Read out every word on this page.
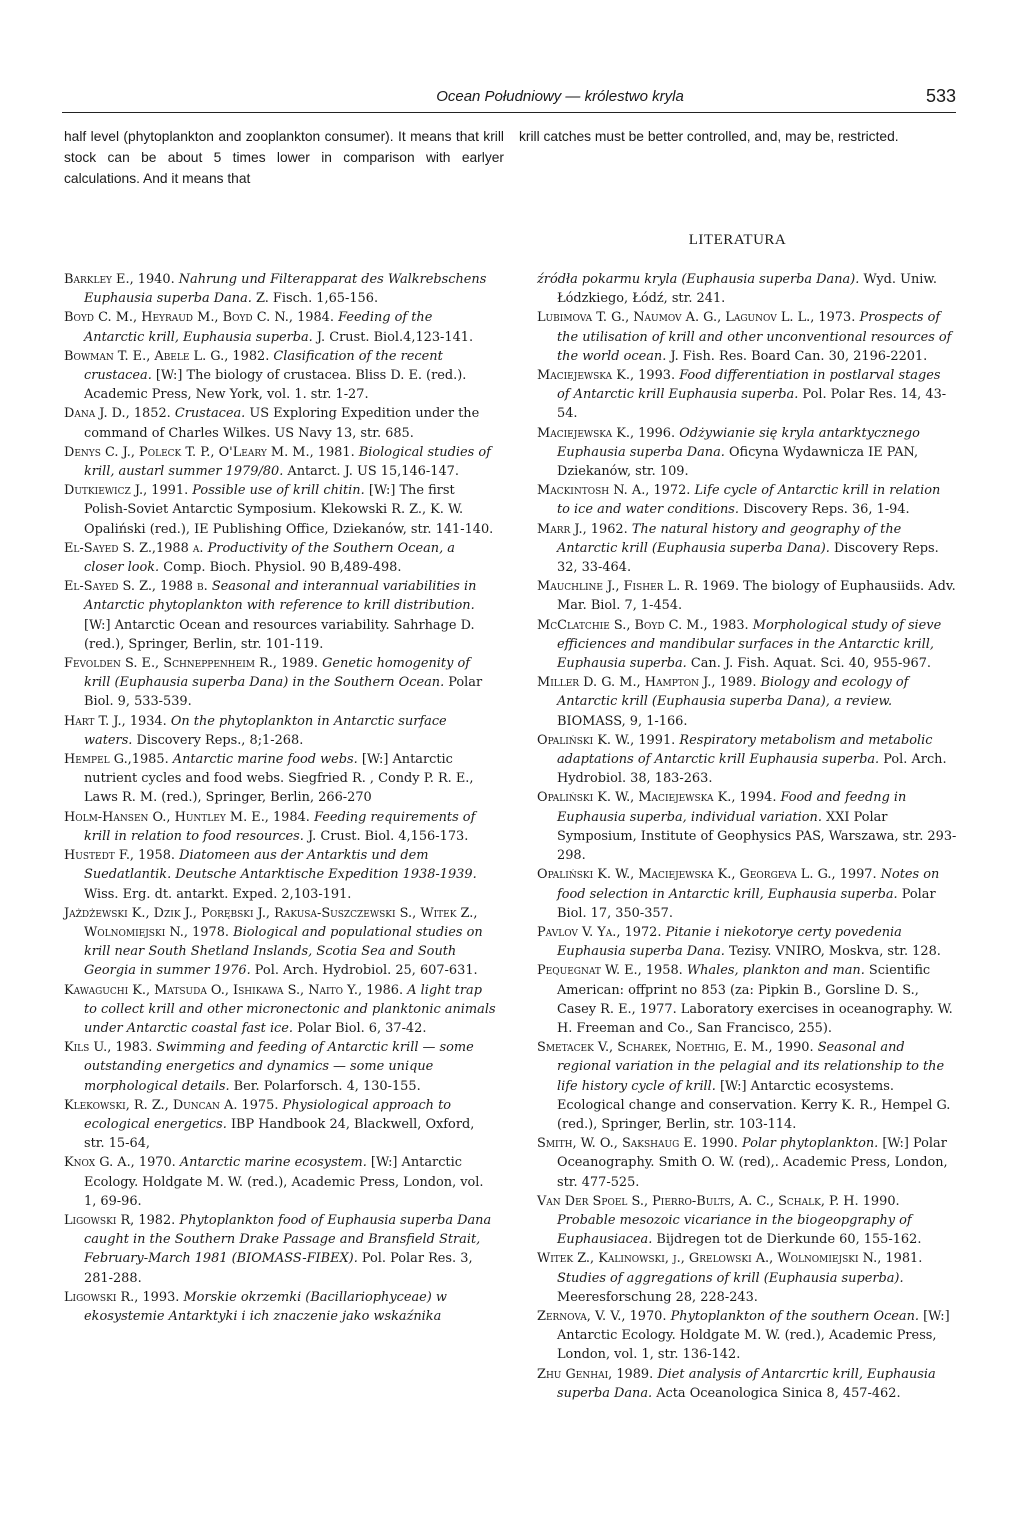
Ocean Południowy — królestwo kryla	533

half level (phytoplankton and zooplankton consumer). It means that krill stock can be about 5 times lower in comparison with earlyer calculations. And it means that

krill catches must be better controlled, and, may be, restricted.

LITERATURA
Barkley E., 1940. Nahrung und Filterapparat des Walkrebschens Euphausia superba Dana. Z. Fisch. 1,65-156.
Boyd C. M., Heyraud M., Boyd C. N., 1984. Feeding of the Antarctic krill, Euphausia superba. J. Crust. Biol.4,123-141.
Bowman T. E., Abele L. G., 1982. Clasification of the recent crustacea. [W:] The biology of crustacea. Bliss D. E. (red.). Academic Press, New York, vol. 1. str. 1-27.
Dana J. D., 1852. Crustacea. US Exploring Expedition under the command of Charles Wilkes. US Navy 13, str. 685.
Denys C. J., Poleck T. P., O'Leary M. M., 1981. Biological studies of krill, austarl summer 1979/80. Antarct. J. US 15,146-147.
Dutkiewicz J., 1991. Possible use of krill chitin. [W:] The first Polish-Soviet Antarctic Symposium. Klekowski R. Z., K. W. Opaliński (red.), IE Publishing Office, Dziekanów, str. 141-140.
El-Sayed S. Z.,1988 a. Productivity of the Southern Ocean, a closer look. Comp. Bioch. Physiol. 90 B,489-498.
El-Sayed S. Z., 1988 b. Seasonal and interannual variabilities in Antarctic phytoplankton with reference to krill distribution. [W:] Antarctic Ocean and resources variability. Sahrhage D. (red.), Springer, Berlin, str. 101-119.
Fevolden S. E., Schneppenheim R., 1989. Genetic homogenity of krill (Euphausia superba Dana) in the Southern Ocean. Polar Biol. 9, 533-539.
Hart T. J., 1934. On the phytoplankton in Antarctic surface waters. Discovery Reps., 8;1-268.
Hempel G.,1985. Antarctic marine food webs. [W:] Antarctic nutrient cycles and food webs. Siegfried R. , Condy P. R. E., Laws R. M. (red.), Springer, Berlin, 266-270
Holm-Hansen O., Huntley M. E., 1984. Feeding requirements of krill in relation to food resources. J. Crust. Biol. 4,156-173.
Hustedt F., 1958. Diatomeen aus der Antarktis und dem Suedatlantik. Deutsche Antarktische Expedition 1938-1939. Wiss. Erg. dt. antarkt. Exped. 2,103-191.
Jażdżewski K., Dzik J., Porębski J., Rakusa-Suszczewski S., Witek Z., Wolnomiejski N., 1978. Biological and populational studies on krill near South Shetland Inslands, Scotia Sea and South Georgia in summer 1976. Pol. Arch. Hydrobiol. 25, 607-631.
Kawaguchi K., Matsuda O., Ishikawa S., Naito Y., 1986. A light trap to collect krill and other micronectonic and planktonic animals under Antarctic coastal fast ice. Polar Biol. 6, 37-42.
Kils U., 1983. Swimming and feeding of Antarctic krill — some outstanding energetics and dynamics — some unique morphological details. Ber. Polarforsch. 4, 130-155.
Klekowski, R. Z., Duncan A. 1975. Physiological approach to ecological energetics. IBP Handbook 24, Blackwell, Oxford, str. 15-64,
Knox G. A., 1970. Antarctic marine ecosystem. [W:] Antarctic Ecology. Holdgate M. W. (red.), Academic Press, London, vol. 1, 69-96.
Ligowski R, 1982. Phytoplankton food of Euphausia superba Dana caught in the Southern Drake Passage and Bransfield Strait, February-March 1981 (BIOMASS-FIBEX). Pol. Polar Res. 3, 281-288.
Ligowski R., 1993. Morskie okrzemki (Bacillariophyceae) w ekosystemie Antarktyki i ich znaczenie jako wskaźnika
źródła pokarmu kryla (Euphausia superba Dana). Wyd. Uniw. Łódzkiego, Łódź, str. 241.
Lubimova T. G., Naumov A. G., Lagunov L. L., 1973. Prospects of the utilisation of krill and other unconventional resources of the world ocean. J. Fish. Res. Board Can. 30, 2196-2201.
Maciejewska K., 1993. Food differentiation in postlarval stages of Antarctic krill Euphausia superba. Pol. Polar Res. 14, 43-54.
Maciejewska K., 1996. Odżywianie się kryla antarktycznego Euphausia superba Dana. Oficyna Wydawnicza IE PAN, Dziekanów, str. 109.
Mackintosh N. A., 1972. Life cycle of Antarctic krill in relation to ice and water conditions. Discovery Reps. 36, 1-94.
Marr J., 1962. The natural history and geography of the Antarctic krill (Euphausia superba Dana). Discovery Reps. 32, 33-464.
Mauchline J., Fisher L. R. 1969. The biology of Euphausiids. Adv. Mar. Biol. 7, 1-454.
McClatchie S., Boyd C. M., 1983. Morphological study of sieve efficiences and mandibular surfaces in the Antarctic krill, Euphausia superba. Can. J. Fish. Aquat. Sci. 40, 955-967.
Miller D. G. M., Hampton J., 1989. Biology and ecology of Antarctic krill (Euphausia superba Dana), a review. BIOMASS, 9, 1-166.
Opaliński K. W., 1991. Respiratory metabolism and metabolic adaptations of Antarctic krill Euphausia superba. Pol. Arch. Hydrobiol. 38, 183-263.
Opaliński K. W., Maciejewska K., 1994. Food and feedng in Euphausia superba, individual variation. XXI Polar Symposium, Institute of Geophysics PAS, Warszawa, str. 293-298.
Opaliński K. W., Maciejewska K., Georgeva L. G., 1997. Notes on food selection in Antarctic krill, Euphausia superba. Polar Biol. 17, 350-357.
Pavlov V. Ya., 1972. Pitanie i niekotorye certy povedenia Euphausia superba Dana. Tezisy. VNIRO, Moskva, str. 128.
Pequegnat W. E., 1958. Whales, plankton and man. Scientific American: offprint no 853 (za: Pipkin B., Gorsline D. S., Casey R. E., 1977. Laboratory exercises in oceanography. W. H. Freeman and Co., San Francisco, 255).
Smetacek V., Scharek, Noethig, E. M., 1990. Seasonal and regional variation in the pelagial and its relationship to the life history cycle of krill. [W:] Antarctic ecosystems. Ecological change and conservation. Kerry K. R., Hempel G. (red.), Springer, Berlin, str. 103-114.
Smith, W. O., Sakshaug E. 1990. Polar phytoplankton. [W:] Polar Oceanography. Smith O. W. (red),. Academic Press, London, str. 477-525.
Van Der Spoel S., Pierro-Bults, A. C., Schalk, P. H. 1990. Probable mesozoic vicariance in the biogeopgraphy of Euphausiacea. Bijdregen tot de Dierkunde 60, 155-162.
Witek Z., Kalinowski, j., Grelowski A., Wolnomiejski N., 1981. Studies of aggregations of krill (Euphausia superba). Meeresforschung 28, 228-243.
Zernova, V. V., 1970. Phytoplankton of the southern Ocean. [W:] Antarctic Ecology. Holdgate M. W. (red.), Academic Press, London, vol. 1, str. 136-142.
Zhu Genhai, 1989. Diet analysis of Antarcrtic krill, Euphausia superba Dana. Acta Oceanologica Sinica 8, 457-462.
